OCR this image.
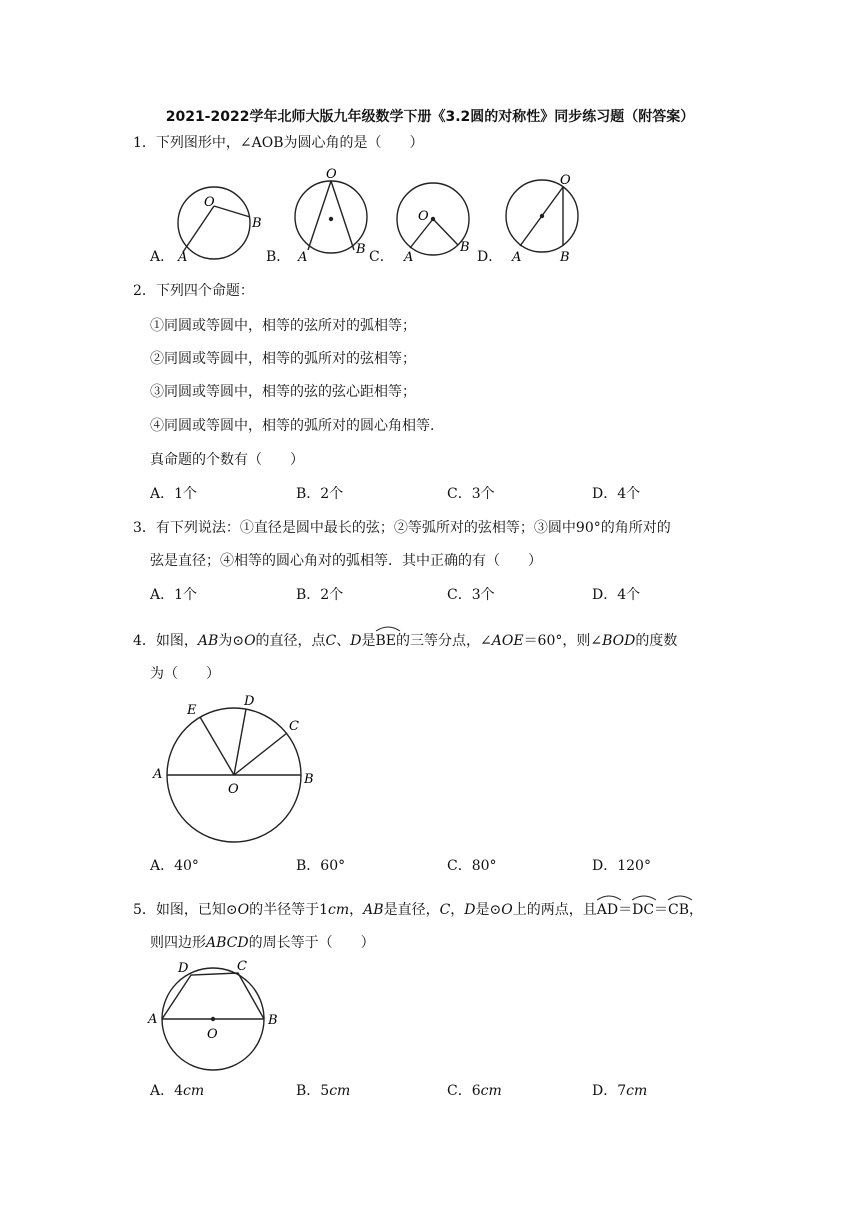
2021-2022学年北师大版九年级数学下册《3.2圆的对称性》同步练习题（附答案）
1．下列图形中，∠AOB为圆心角的是（　　）
O
A
B
O
A
B
O
A
B
O
A	B
A．	B．	C．	D．
2．下列四个命题：
①同圆或等圆中，相等的弦所对的弧相等；
②同圆或等圆中，相等的弧所对的弦相等；
③同圆或等圆中，相等的弦的弦心距相等；
④同圆或等圆中，相等的弧所对的圆心角相等.
真命题的个数有（　　）
A．1个	B．2个	C．3个	D．4个
3．有下列说法：①直径是圆中最长的弦；②等弧所对的弦相等；③圆中90°的角所对的
弦是直径；④相等的圆心角对的弧相等．其中正确的有（　　）
A．1个	B．2个	C．3个	D．4个
4．如图，AB为⊙O的直径，点C、D是
BE的三等分点，∠AOE＝60°，则∠BOD的度数
为（　　）
E
D
C
A
O
B
A．40°	B．60°	C．80°	D．120°
5．如图，已知⊙O的半径等于1cm，AB是直径，C，D是⊙O上的两点，且
AD＝
DC＝
CB，
则四边形ABCD的周长等于（　　）
D	C
A
O
B
A．4cm	B．5cm	C．6cm	D．7cm
